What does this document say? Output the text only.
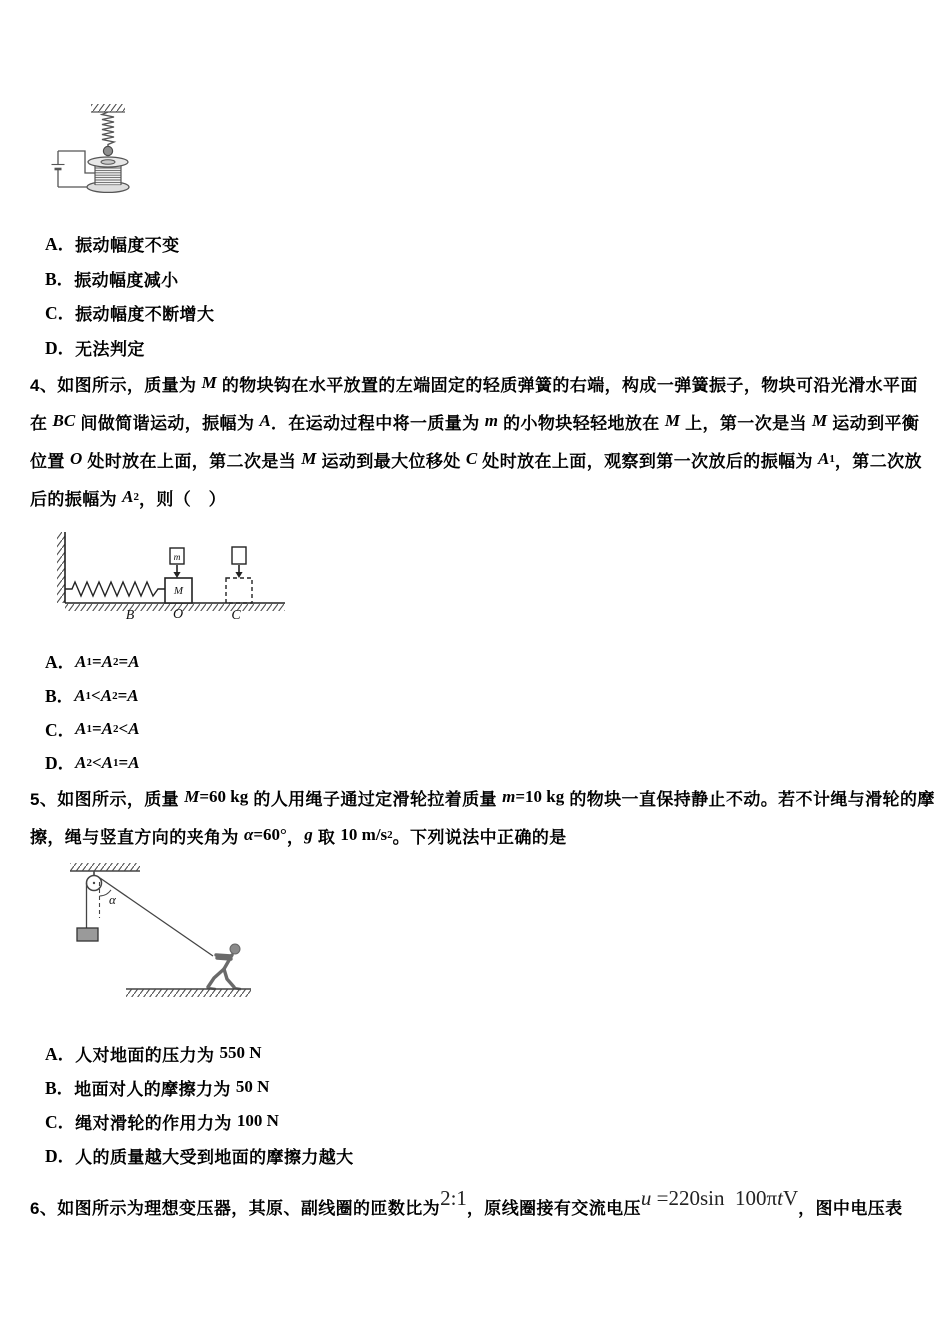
A． 振动幅度不变
B． 振动幅度减小
C． 振动幅度不断增大
D． 无法判定
4、如图所示，质量为 M 的物块钩在水平放置的左端固定的轻质弹簧的右端，构成一弹簧振子，物块可沿光滑水平面
在 BC 间做简谐运动，振幅为 A ．在运动过程中将一质量为 m 的小物块轻轻地放在 M 上，第一次是当 M 运动到平衡
位置 O 处时放在上面，第二次是当 M 运动到最大位移处 C 处时放在上面，观察到第一次放后的振幅为 A 1 ，第二次放
后的振幅为 A 2 ，则（　）
M
m
B	O	C
A． A 1 = A 2 = A
B． A 1 < A 2 = A
C． A 1 = A 2 < A
D． A 2 < A 1 = A
5、如图所示，质量 M =60 kg 的人用绳子通过定滑轮拉着质量 m =10 kg 的物块一直保持静止不动。若不计绳与滑轮的摩
擦，绳与竖直方向的夹角为 α =60° ， g 取 10 m/s 2 。下列说法中正确的是
α
A． 人对地面的压力为 550 N
B． 地面对人的摩擦力为 50 N
C． 绳对滑轮的作用力为 100 N
D． 人的质量越大受到地面的摩擦力越大
6、如图所示为理想变压器，其原、副线圈的匝数比为2:1，原线圈接有交流电压u =220sin  100πtV，图中电压表
